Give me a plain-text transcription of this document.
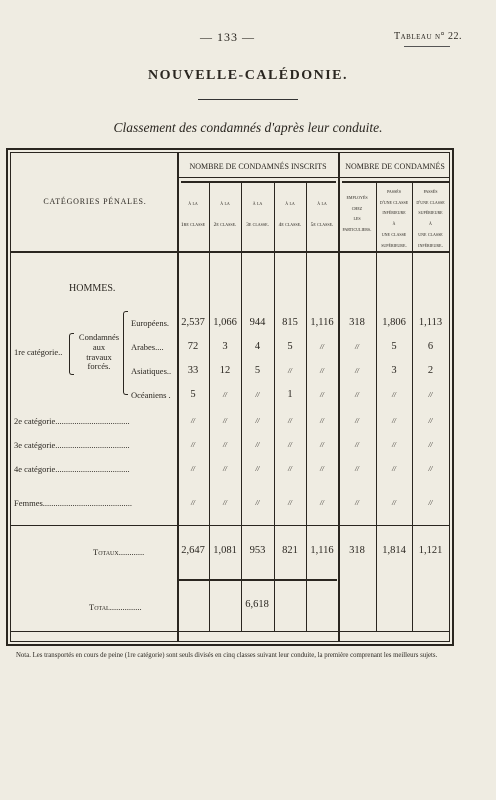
— 133 —	Tableau n° 22.
NOUVELLE-CALÉDONIE.
Classement des condamnés d'après leur conduite.
NOMBRE DE CONDAMNÉS INSCRITS	NOMBRE DE CONDAMNÉS
CATÉGORIES PÉNALES.	à la
1re classe
à la
2e classe.
à la
3e classe.
à la
4e classe.
à la
5e classe.
employés
chez
les
particuliers.
passés
d'une classe
inférieure
à
une classe
supérieure.
passés
d'une classe
supérieure
à
une classe
inférieure.
HOMMES.
1re catégorie..
Condamnés
aux
travaux
forcés.
Européens.	2,537 1,066	944	815	1,116	318	1,806	1,113
Arabes....	72	3	4	5	//	//	5	6
Asiatiques..	33	12	5	//	//	//	3	2
Océaniens .	5	//	//	1	//	//	//	//
2e catégorie...................................	//	//	//	//	//	//	//	//
3e catégorie...................................	//	//	//	//	//	//	//	//
4e catégorie...................................	//	//	//	//	//	//	//	//
Femmes..........................................	//	//	//	//	//	//	//	//
Totaux............	2,647 1,081	953	821	1,116	318	1,814	1,121
Total...............	6,618
Nota. Les transportés en cours de peine (1re catégorie) sont seuls divisés en cinq classes suivant leur conduite, la première comprenant les meilleurs sujets.
